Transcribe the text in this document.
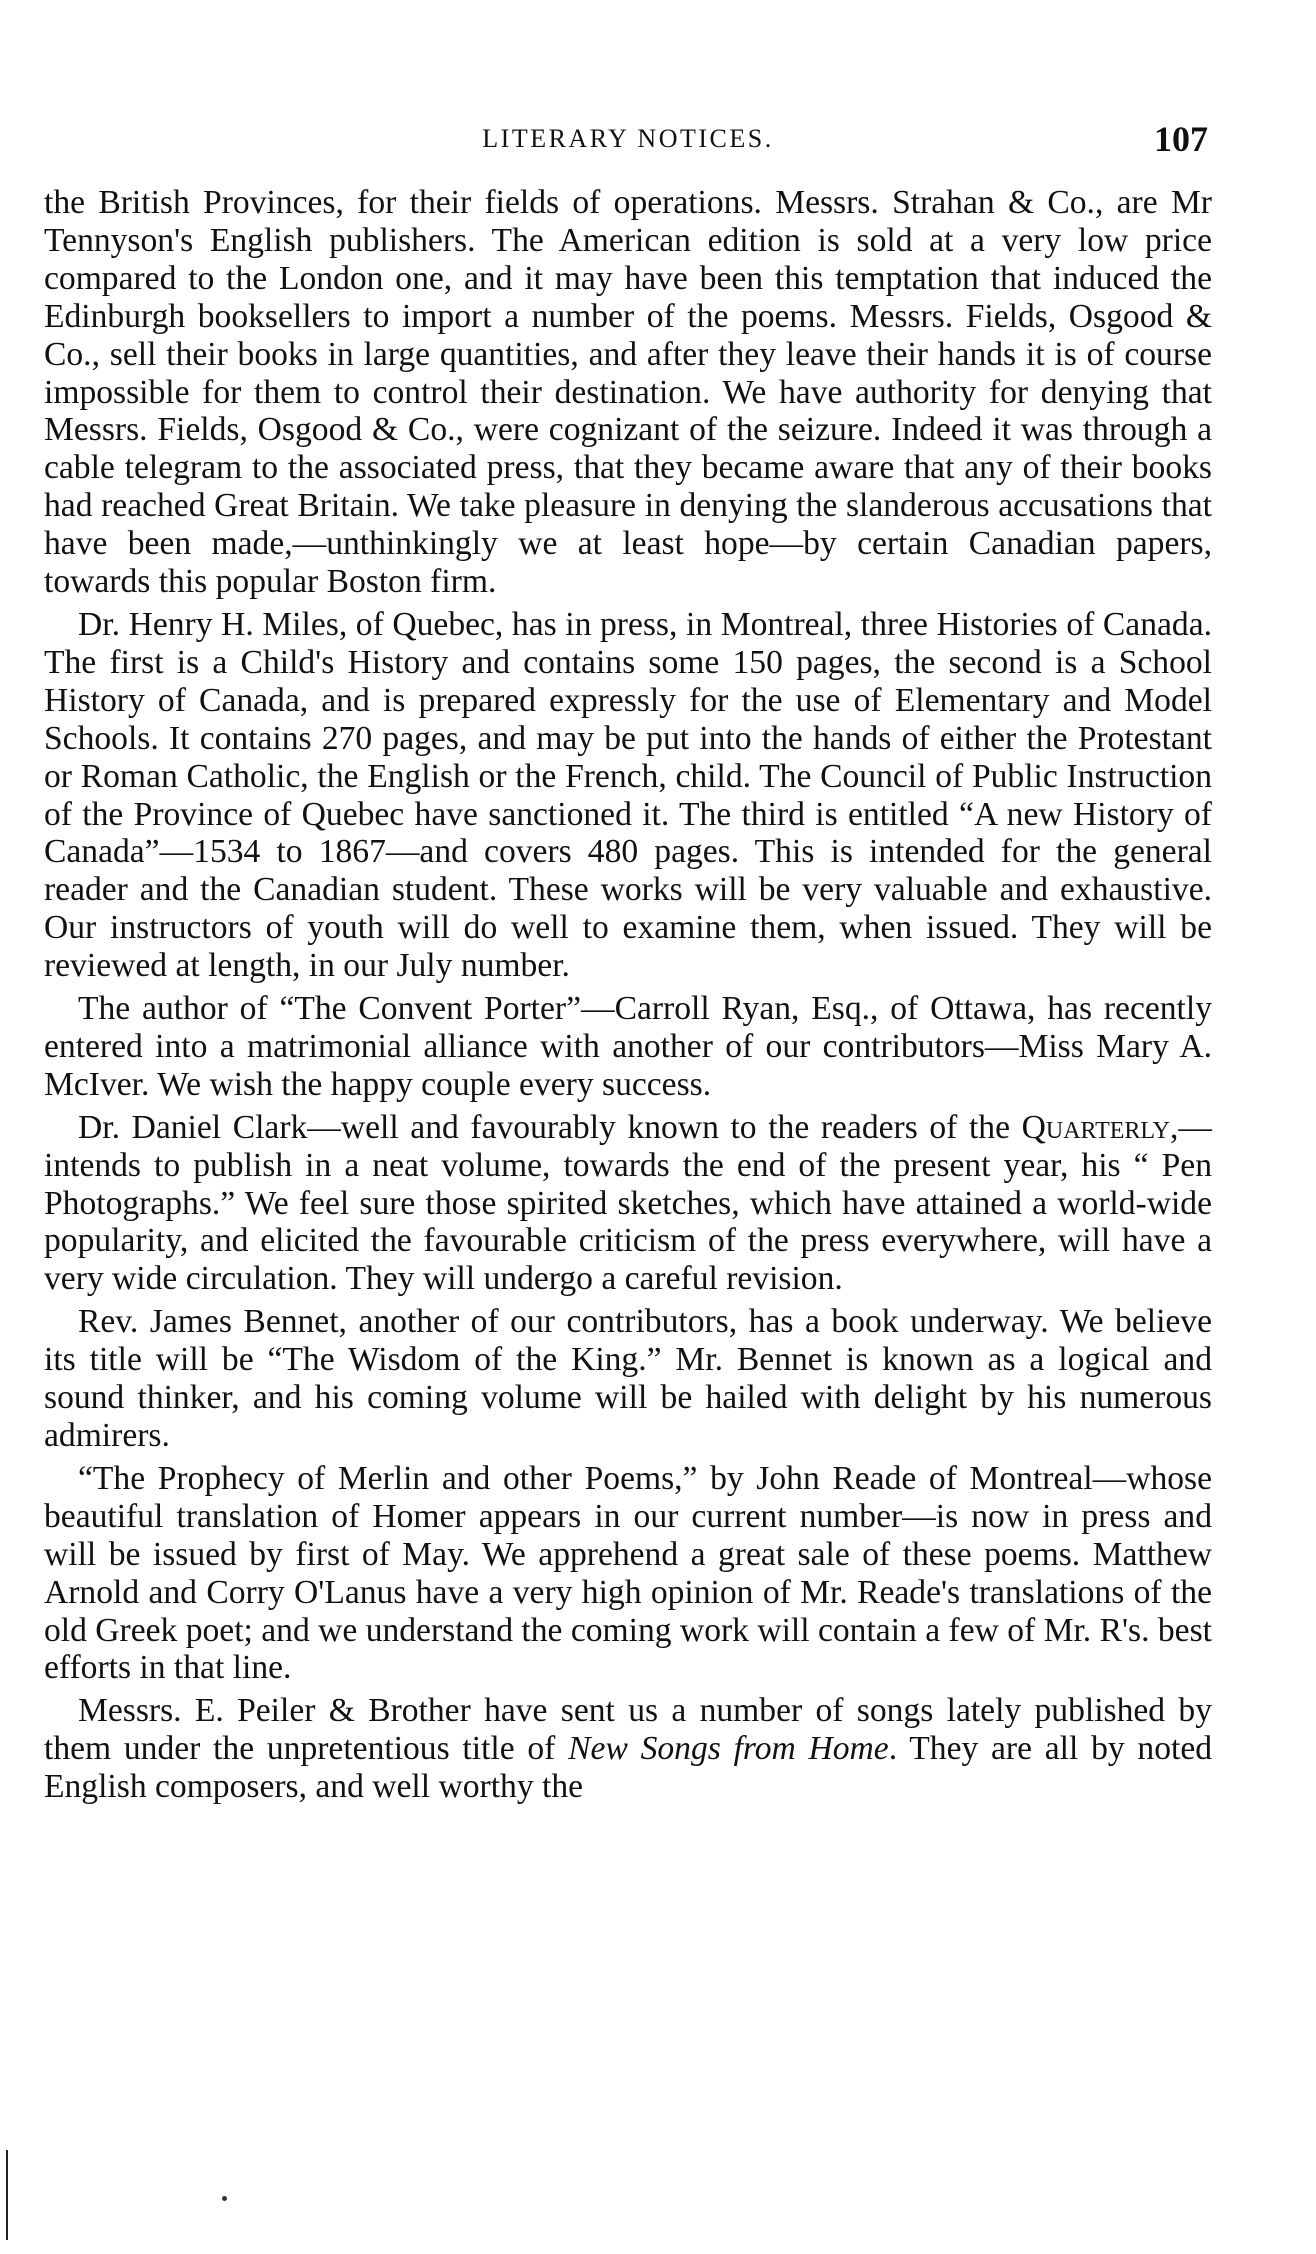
LITERARY NOTICES.	107

the British Provinces, for their fields of operations. Messrs. Strahan & Co., are Mr Tennyson's English publishers. The American edition is sold at a very low price compared to the London one, and it may have been this temptation that induced the Edinburgh booksellers to import a number of the poems. Messrs. Fields, Osgood & Co., sell their books in large quantities, and after they leave their hands it is of course impossible for them to control their destination. We have authority for denying that Messrs. Fields, Osgood & Co., were cognizant of the seizure. Indeed it was through a cable telegram to the associated press, that they became aware that any of their books had reached Great Britain. We take pleasure in denying the slanderous accusations that have been made,—unthinkingly we at least hope—by certain Canadian papers, towards this popular Boston firm.

Dr. Henry H. Miles, of Quebec, has in press, in Montreal, three Histories of Canada. The first is a Child's History and contains some 150 pages, the second is a School History of Canada, and is prepared expressly for the use of Elementary and Model Schools. It contains 270 pages, and may be put into the hands of either the Protestant or Roman Catholic, the English or the French, child. The Council of Public Instruction of the Province of Quebec have sanctioned it. The third is entitled “A new History of Canada”—1534 to 1867—and covers 480 pages. This is intended for the general reader and the Canadian student. These works will be very valuable and exhaustive. Our instructors of youth will do well to examine them, when issued. They will be reviewed at length, in our July number.

The author of “The Convent Porter”—Carroll Ryan, Esq., of Ottawa, has recently entered into a matrimonial alliance with another of our contributors—Miss Mary A. McIver. We wish the happy couple every success.

Dr. Daniel Clark—well and favourably known to the readers of the Quarterly,—intends to publish in a neat volume, towards the end of the present year, his “ Pen Photographs.” We feel sure those spirited sketches, which have attained a world-wide popularity, and elicited the favourable criticism of the press everywhere, will have a very wide circulation. They will undergo a careful revision.

Rev. James Bennet, another of our contributors, has a book underway. We believe its title will be “The Wisdom of the King.” Mr. Bennet is known as a logical and sound thinker, and his coming volume will be hailed with delight by his numerous admirers.

“The Prophecy of Merlin and other Poems,” by John Reade of Montreal—whose beautiful translation of Homer appears in our current number—is now in press and will be issued by first of May. We apprehend a great sale of these poems. Matthew Arnold and Corry O'Lanus have a very high opinion of Mr. Reade's translations of the old Greek poet; and we understand the coming work will contain a few of Mr. R's. best efforts in that line.

Messrs. E. Peiler & Brother have sent us a number of songs lately published by them under the unpretentious title of New Songs from Home. They are all by noted English composers, and well worthy the
